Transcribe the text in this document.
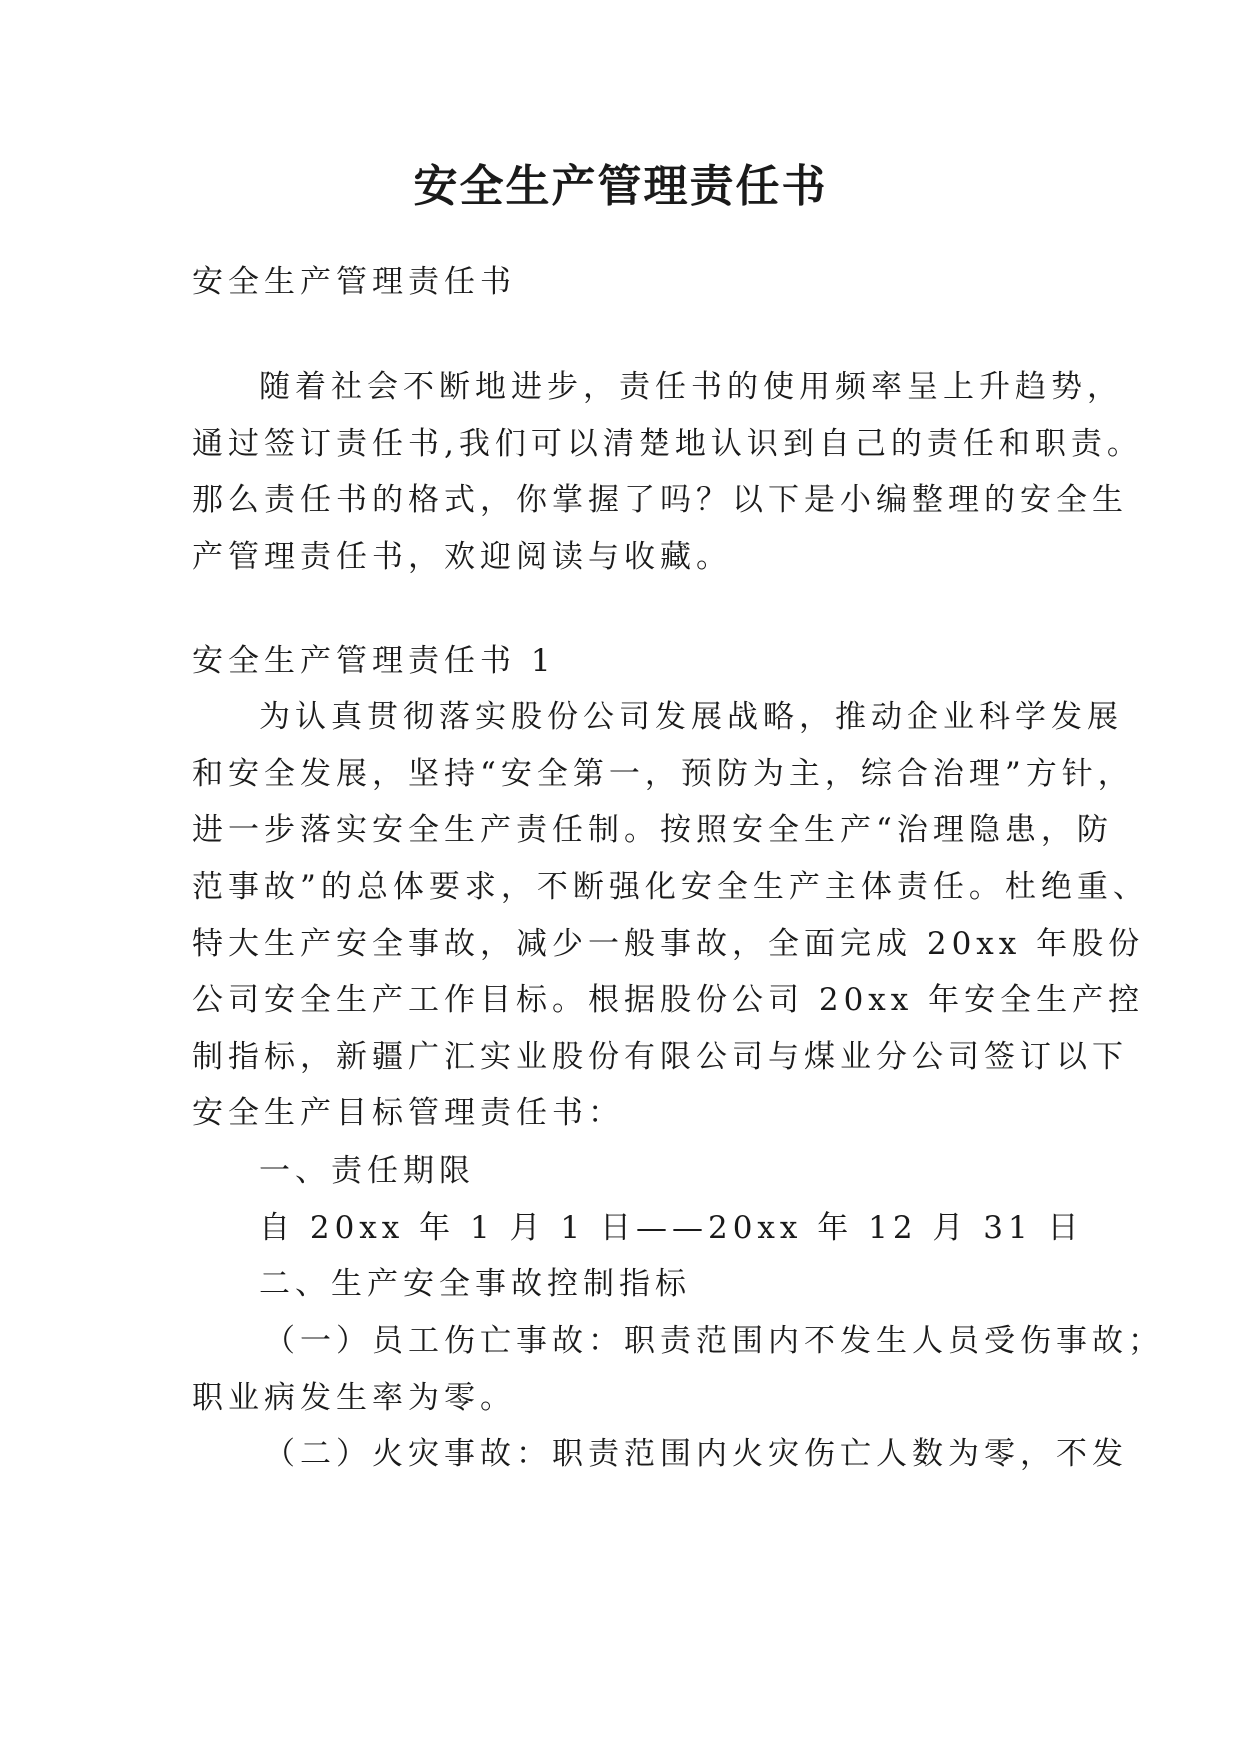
安全生产管理责任书

安全生产管理责任书

随着社会不断地进步，责任书的使用频率呈上升趋势，

通过签订责任书,我们可以清楚地认识到自己的责任和职责。

那么责任书的格式，你掌握了吗？以下是小编整理的安全生

产管理责任书，欢迎阅读与收藏。

安全生产管理责任书 1

为认真贯彻落实股份公司发展战略，推动企业科学发展

和安全发展，坚持“安全第一，预防为主，综合治理”方针，

进一步落实安全生产责任制。按照安全生产“治理隐患，防

范事故”的总体要求，不断强化安全生产主体责任。杜绝重、

特大生产安全事故，减少一般事故，全面完成 20xx 年股份

公司安全生产工作目标。根据股份公司 20xx 年安全生产控

制指标，新疆广汇实业股份有限公司与煤业分公司签订以下

安全生产目标管理责任书：

一、责任期限

自 20xx 年 1 月 1 日——20xx 年 12 月 31 日

二、生产安全事故控制指标

（一）员工伤亡事故：职责范围内不发生人员受伤事故；

职业病发生率为零。

（二）火灾事故：职责范围内火灾伤亡人数为零，不发
